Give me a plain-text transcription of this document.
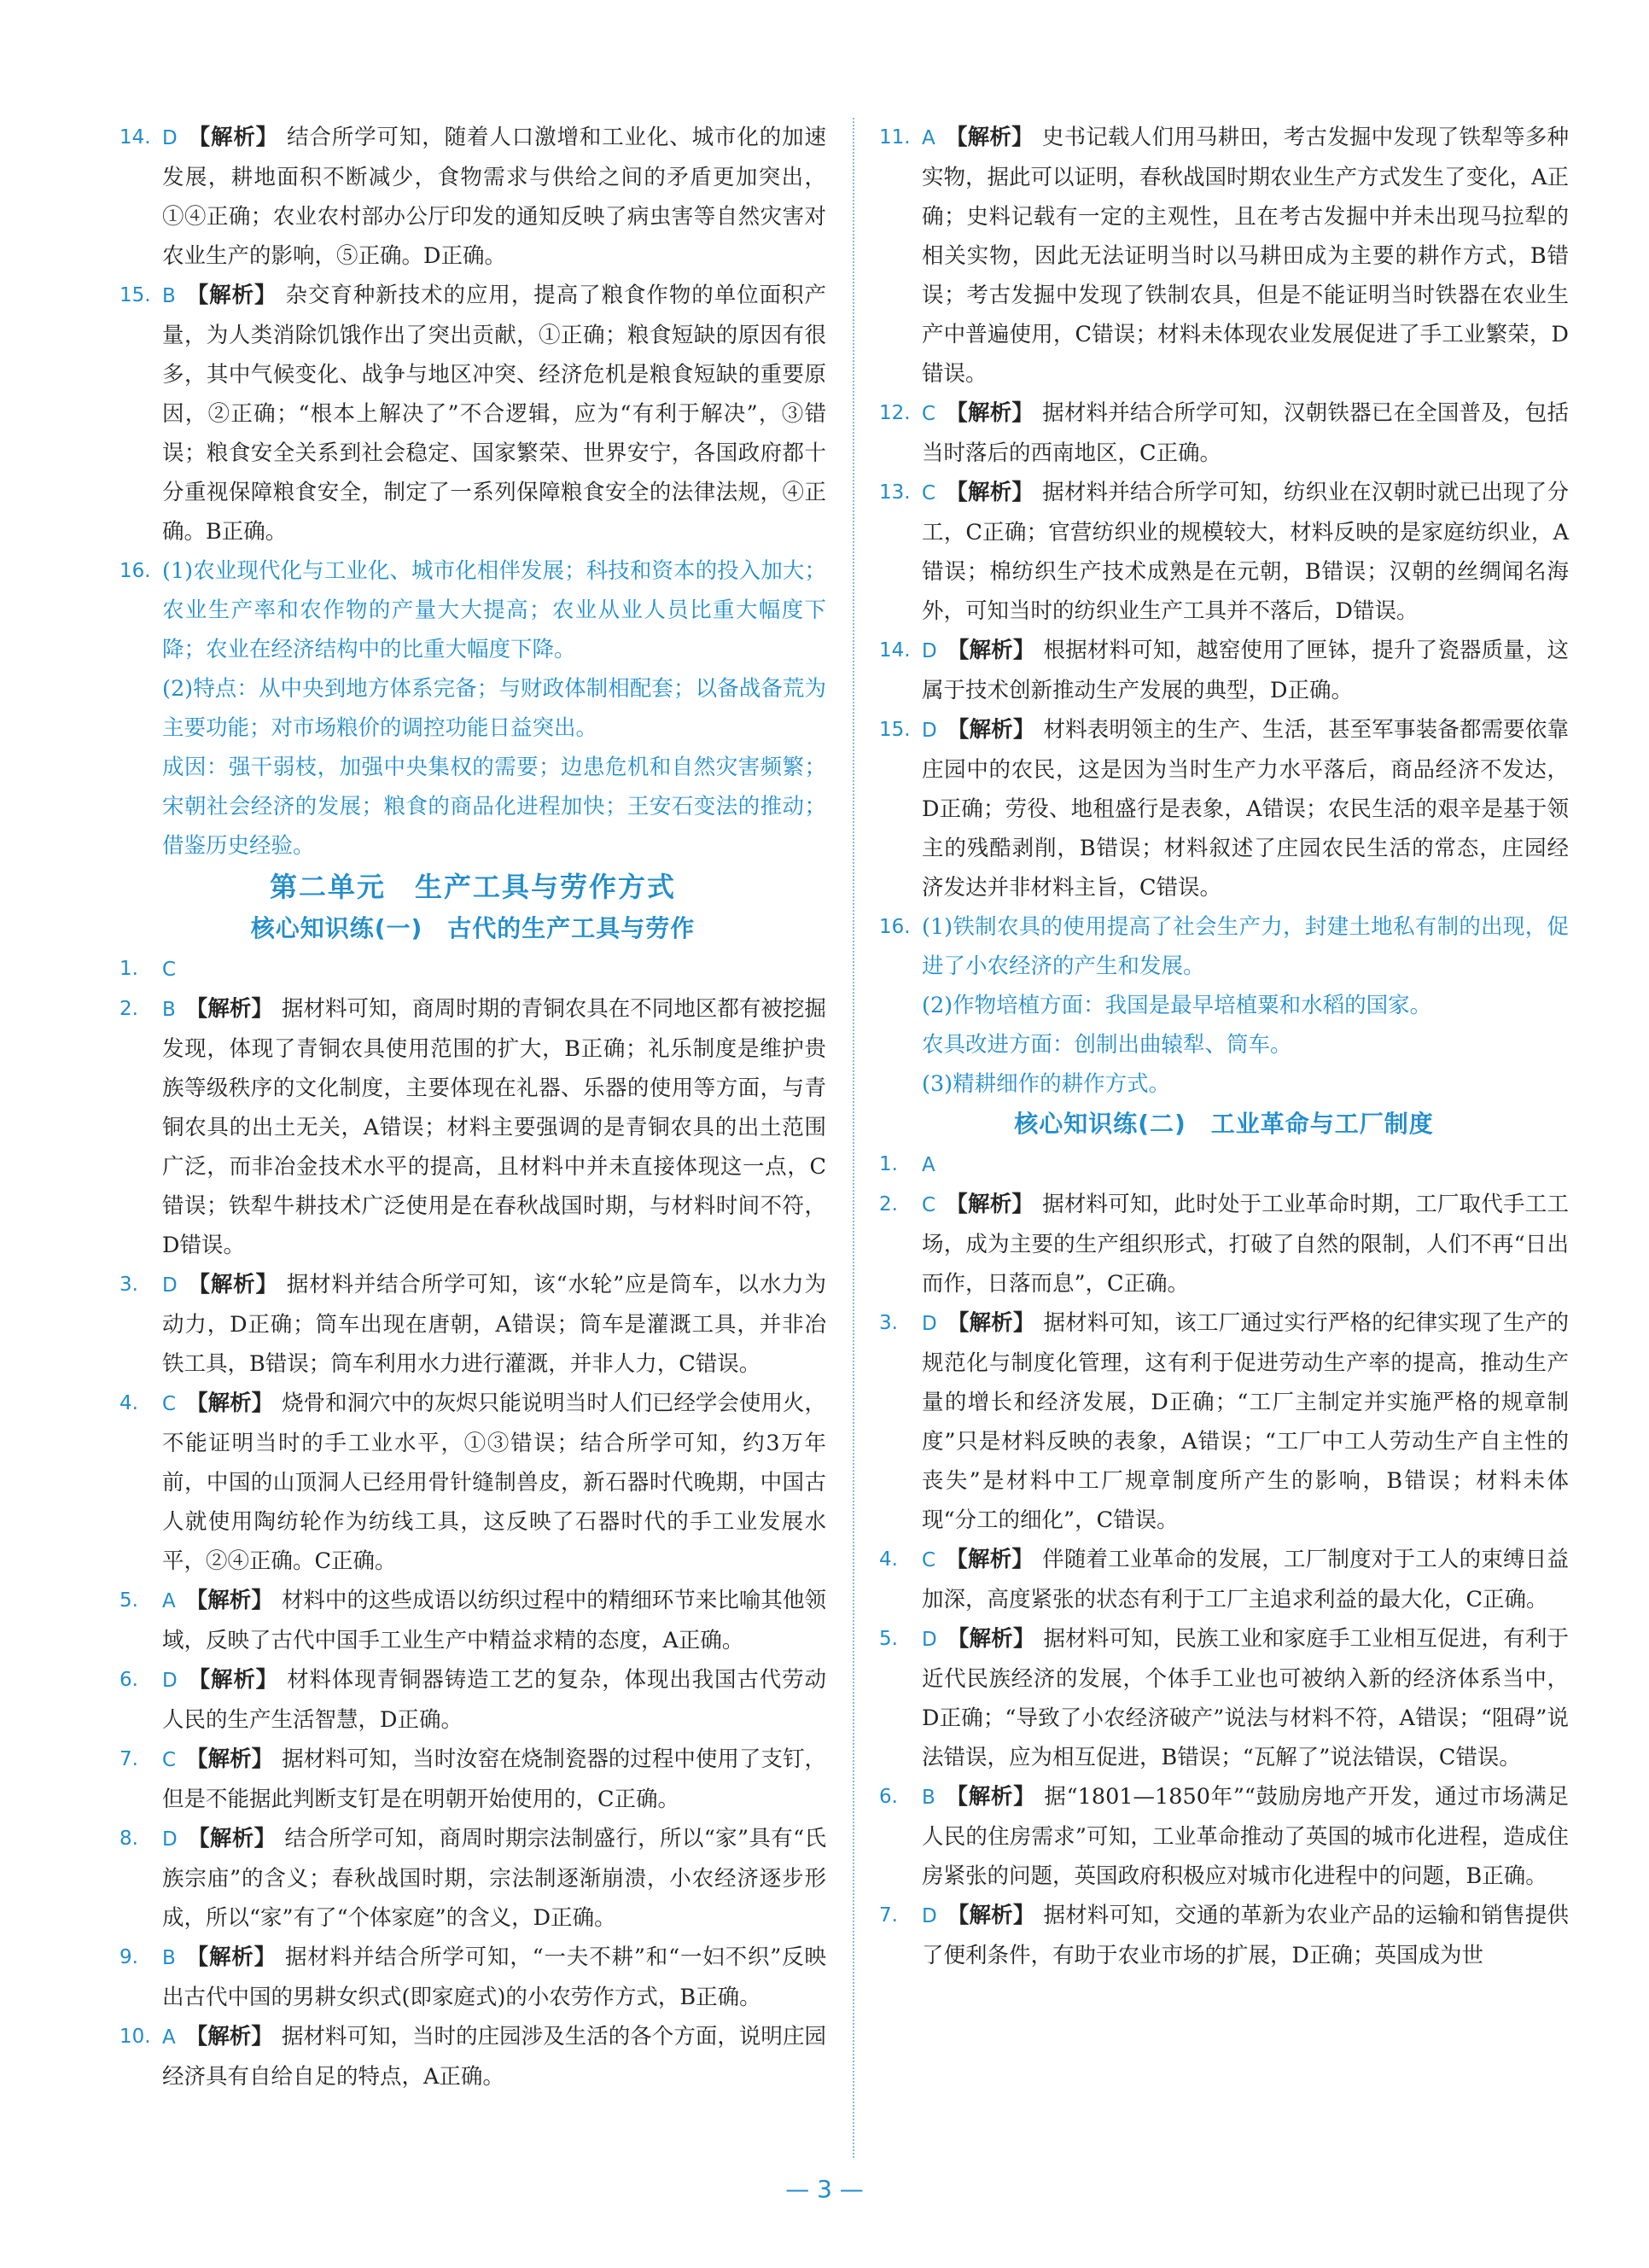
14. D 【解析】 结合所学可知，随着人口激增和工业化、城市化的加速发展，耕地面积不断减少，食物需求与供给之间的矛盾更加突出，①④正确；农业农村部办公厅印发的通知反映了病虫害等自然灾害对农业生产的影响，⑤正确。D正确。
15. B 【解析】 杂交育种新技术的应用，提高了粮食作物的单位面积产量，为人类消除饥饿作出了突出贡献，①正确；粮食短缺的原因有很多，其中气候变化、战争与地区冲突、经济危机是粮食短缺的重要原因，②正确；“根本上解决了”不合逻辑，应为“有利于解决”，③错误；粮食安全关系到社会稳定、国家繁荣、世界安宁，各国政府都十分重视保障粮食安全，制定了一系列保障粮食安全的法律法规，④正确。B正确。
16. (1)农业现代化与工业化、城市化相伴发展；科技和资本的投入加大；农业生产率和农作物的产量大大提高；农业从业人员比重大幅度下降；农业在经济结构中的比重大幅度下降。
(2)特点：从中央到地方体系完备；与财政体制相配套；以备战备荒为主要功能；对市场粮价的调控功能日益突出。
成因：强干弱枝，加强中央集权的需要；边患危机和自然灾害频繁；宋朝社会经济的发展；粮食的商品化进程加快；王安石变法的推动；借鉴历史经验。
第二单元　生产工具与劳作方式
核心知识练(一)　古代的生产工具与劳作
1.	C
2.	B 【解析】 据材料可知，商周时期的青铜农具在不同地区都有被挖掘发现，体现了青铜农具使用范围的扩大，B正确；礼乐制度是维护贵族等级秩序的文化制度，主要体现在礼器、乐器的使用等方面，与青铜农具的出土无关，A错误；材料主要强调的是青铜农具的出土范围广泛，而非冶金技术水平的提高，且材料中并未直接体现这一点，C错误；铁犁牛耕技术广泛使用是在春秋战国时期，与材料时间不符，D错误。
3.	D 【解析】 据材料并结合所学可知，该“水轮”应是筒车，以水力为动力，D正确；筒车出现在唐朝，A错误；筒车是灌溉工具，并非冶铁工具，B错误；筒车利用水力进行灌溉，并非人力，C错误。
4.	C 【解析】 烧骨和洞穴中的灰烬只能说明当时人们已经学会使用火，不能证明当时的手工业水平，①③错误；结合所学可知，约3万年前，中国的山顶洞人已经用骨针缝制兽皮，新石器时代晚期，中国古人就使用陶纺轮作为纺线工具，这反映了石器时代的手工业发展水平，②④正确。C正确。
5.	A 【解析】 材料中的这些成语以纺织过程中的精细环节来比喻其他领域，反映了古代中国手工业生产中精益求精的态度，A正确。
6.	D 【解析】 材料体现青铜器铸造工艺的复杂，体现出我国古代劳动人民的生产生活智慧，D正确。
7.	C 【解析】 据材料可知，当时汝窑在烧制瓷器的过程中使用了支钉，但是不能据此判断支钉是在明朝开始使用的，C正确。
8.	D 【解析】 结合所学可知，商周时期宗法制盛行，所以“家”具有“氏族宗庙”的含义；春秋战国时期，宗法制逐渐崩溃，小农经济逐步形成，所以“家”有了“个体家庭”的含义，D正确。
9.	B 【解析】 据材料并结合所学可知，“一夫不耕”和“一妇不织”反映出古代中国的男耕女织式(即家庭式)的小农劳作方式，B正确。
10. A 【解析】 据材料可知，当时的庄园涉及生活的各个方面，说明庄园经济具有自给自足的特点，A正确。
11. A 【解析】 史书记载人们用马耕田，考古发掘中发现了铁犁等多种实物，据此可以证明，春秋战国时期农业生产方式发生了变化，A正确；史料记载有一定的主观性，且在考古发掘中并未出现马拉犁的相关实物，因此无法证明当时以马耕田成为主要的耕作方式，B错误；考古发掘中发现了铁制农具，但是不能证明当时铁器在农业生产中普遍使用，C错误；材料未体现农业发展促进了手工业繁荣，D错误。
12. C 【解析】 据材料并结合所学可知，汉朝铁器已在全国普及，包括当时落后的西南地区，C正确。
13. C 【解析】 据材料并结合所学可知，纺织业在汉朝时就已出现了分工，C正确；官营纺织业的规模较大，材料反映的是家庭纺织业，A错误；棉纺织生产技术成熟是在元朝，B错误；汉朝的丝绸闻名海外，可知当时的纺织业生产工具并不落后，D错误。
14. D 【解析】 根据材料可知，越窑使用了匣钵，提升了瓷器质量，这属于技术创新推动生产发展的典型，D正确。
15. D 【解析】 材料表明领主的生产、生活，甚至军事装备都需要依靠庄园中的农民，这是因为当时生产力水平落后，商品经济不发达，D正确；劳役、地租盛行是表象，A错误；农民生活的艰辛是基于领主的残酷剥削，B错误；材料叙述了庄园农民生活的常态，庄园经济发达并非材料主旨，C错误。
16. (1)铁制农具的使用提高了社会生产力，封建土地私有制的出现，促进了小农经济的产生和发展。
(2)作物培植方面：我国是最早培植粟和水稻的国家。
农具改进方面：创制出曲辕犁、筒车。
(3)精耕细作的耕作方式。
核心知识练(二)　工业革命与工厂制度
1.	A
2.	C 【解析】 据材料可知，此时处于工业革命时期，工厂取代手工工场，成为主要的生产组织形式，打破了自然的限制，人们不再“日出而作，日落而息”，C正确。
3.	D 【解析】 据材料可知，该工厂通过实行严格的纪律实现了生产的规范化与制度化管理，这有利于促进劳动生产率的提高，推动生产量的增长和经济发展，D正确；“工厂主制定并实施严格的规章制度”只是材料反映的表象，A错误；“工厂中工人劳动生产自主性的丧失”是材料中工厂规章制度所产生的影响，B错误；材料未体现“分工的细化”，C错误。
4.	C 【解析】 伴随着工业革命的发展，工厂制度对于工人的束缚日益加深，高度紧张的状态有利于工厂主追求利益的最大化，C正确。
5.	D 【解析】 据材料可知，民族工业和家庭手工业相互促进，有利于近代民族经济的发展，个体手工业也可被纳入新的经济体系当中，D正确；“导致了小农经济破产”说法与材料不符，A错误；“阻碍”说法错误，应为相互促进，B错误；“瓦解了”说法错误，C错误。
6.	B 【解析】 据“1801—1850年”“鼓励房地产开发，通过市场满足人民的住房需求”可知，工业革命推动了英国的城市化进程，造成住房紧张的问题，英国政府积极应对城市化进程中的问题，B正确。
7.	D 【解析】 据材料可知，交通的革新为农业产品的运输和销售提供了便利条件，有助于农业市场的扩展，D正确；英国成为世
— 3 —
